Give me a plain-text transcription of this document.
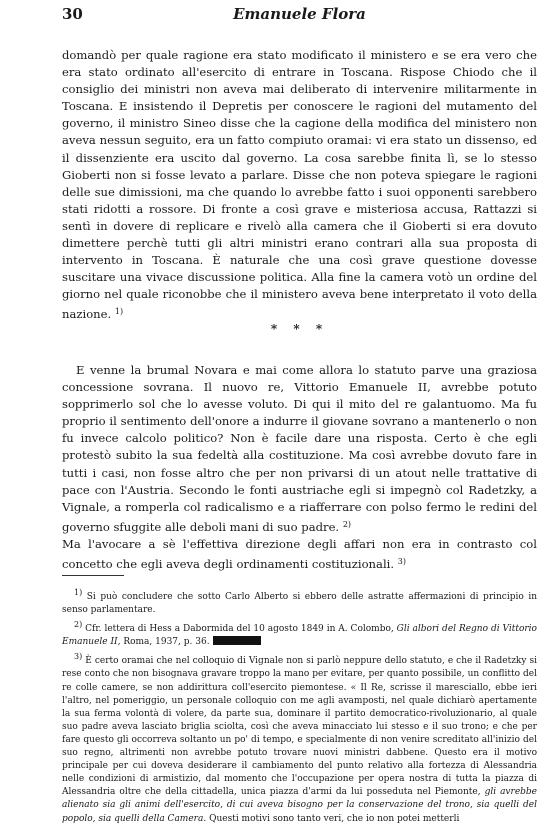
30	Emanuele Flora

domandò per quale ragione era stato modificato il ministero e se era vero che era stato ordinato all'esercito di entrare in Toscana. Rispose Chiodo che il consiglio dei ministri non aveva mai deliberato di intervenire militarmente in Toscana. E insistendo il Depretis per conoscere le ragioni del mutamento del governo, il ministro Sineo disse che la cagione della modifica del ministero non aveva nessun seguito, era un fatto compiuto oramai: vi era stato un dissenso, ed il dissenziente era uscito dal governo. La cosa sarebbe finita lì, se lo stesso Gioberti non si fosse levato a parlare. Disse che non poteva spiegare le ragioni delle sue dimissioni, ma che quando lo avrebbe fatto i suoi opponenti sarebbero stati ridotti a rossore. Di fronte a così grave e misteriosa accusa, Rattazzi si sentì in dovere di replicare e rivelò alla camera che il Gioberti si era dovuto dimettere perchè tutti gli altri ministri erano contrari alla sua proposta di intervento in Toscana. È naturale che una così grave questione dovesse suscitare una vivace discussione politica. Alla fine la camera votò un ordine del giorno nel quale riconobbe che il ministero aveva bene interpretato il voto della nazione. $^{1)}$

* * *

E venne la brumal Novara e mai come allora lo statuto parve una graziosa concessione sovrana. Il nuovo re, Vittorio Emanuele II, avrebbe potuto sopprimerlo sol che lo avesse voluto. Di qui il mito del re galantuomo. Ma fu proprio il sentimento dell'onore a indurre il giovane sovrano a mantenerlo o non fu invece calcolo politico? Non è facile dare una risposta. Certo è che egli protestò subito la sua fedeltà alla costituzione. Ma così avrebbe dovuto fare in tutti i casi, non fosse altro che per non privarsi di un atout nelle trattative di pace con l'Austria. Secondo le fonti austriache egli si impegnò col Radetzky, a Vignale, a romperla col radicalismo e a riafferrare con polso fermo le redini del governo sfuggite alle deboli mani di suo padre. $^{2)}$

Ma l'avocare a sè l'effettiva direzione degli affari non era in contrasto col concetto che egli aveva degli ordinamenti costituzionali. $^{3)}$

1) Si può concludere che sotto Carlo Alberto si ebbero delle astratte affermazioni di principio in senso parlamentare.

2) Cfr. lettera di Hess a Dabormida del 10 agosto 1849 in A. Colombo, Gli albori del Regno di Vittorio Emanuele II, Roma, 1937, p. 36.

3) È certo oramai che nel colloquio di Vignale non si parlò neppure dello statuto, e che il Radetzky si rese conto che non bisognava gravare troppo la mano per evitare, per quanto possibile, un conflitto del re colle camere, se non addirittura coll'esercito piemontese. « Il Re, scrisse il maresciallo, ebbe ieri l'altro, nel pomeriggio, un personale colloquio con me agli avamposti, nel quale dichiarò apertamente la sua ferma volontà di volere, da parte sua, dominare il partito democratico-rivoluzionario, al quale suo padre aveva lasciato briglia sciolta, così che aveva minacciato lui stesso e il suo trono; e che per fare questo gli occorreva soltanto un po' di tempo, e specialmente di non venire screditato all'inizio del suo regno, altrimenti non avrebbe potuto trovare nuovi ministri dabbene. Questo era il motivo principale per cui doveva desiderare il cambiamento del punto relativo alla fortezza di Alessandria nelle condizioni di armistizio, dal momento che l'occupazione per opera nostra di tutta la piazza di Alessandria oltre che della cittadella, unica piazza d'armi da lui posseduta nel Piemonte, gli avrebbe alienato sia gli animi dell'esercito, di cui aveva bisogno per la conservazione del trono, sia quelli del popolo, sia quelli della Camera. Questi motivi sono tanto veri, che io non potei metterli
